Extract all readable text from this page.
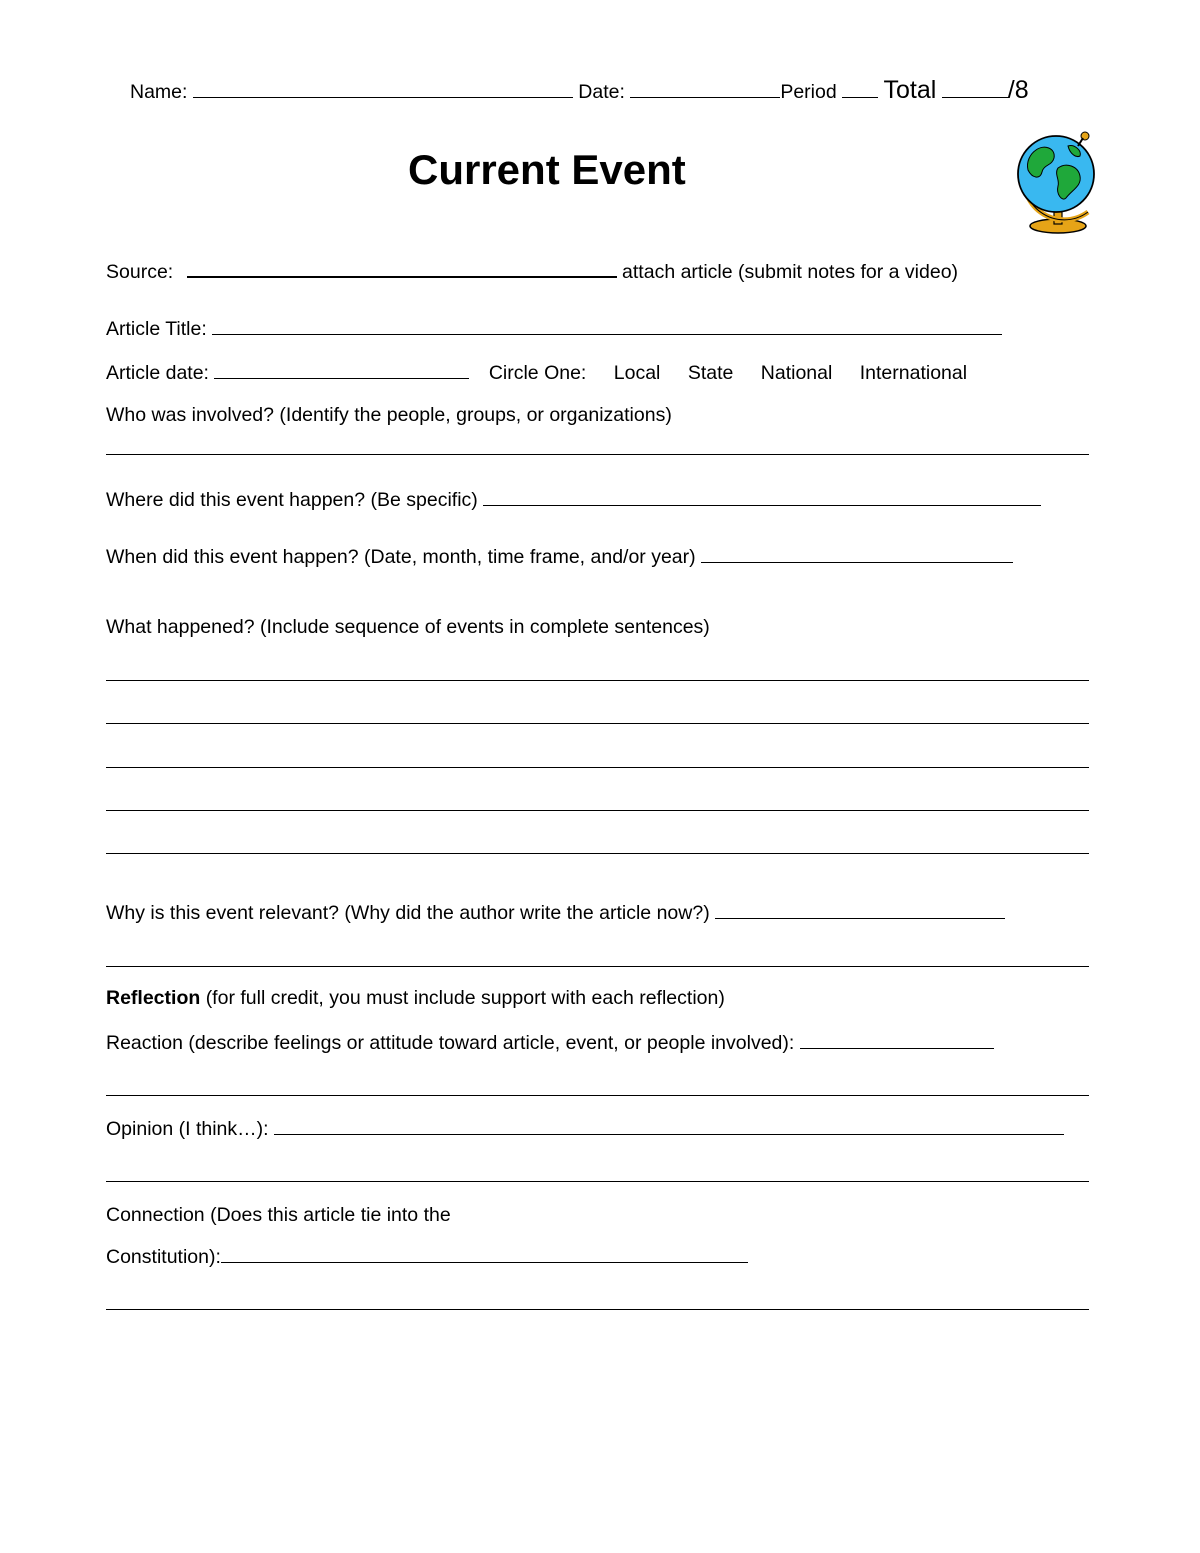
Name:	Date:	Period Total	/8
Current Event
Source:	attach article (submit notes for a video)
Article Title:
Article date:	Circle One: Local State National International
Who was involved? (Identify the people, groups, or organizations)
Where did this event happen? (Be specific)
When did this event happen? (Date, month, time frame, and/or year)
What happened? (Include sequence of events in complete sentences)
Why is this event relevant? (Why did the author write the article now?)
Reflection (for full credit, you must include support with each reflection)
Reaction (describe feelings or attitude toward article, event, or people involved):
Opinion (I think…):
Connection (Does this article tie into the
Constitution):
